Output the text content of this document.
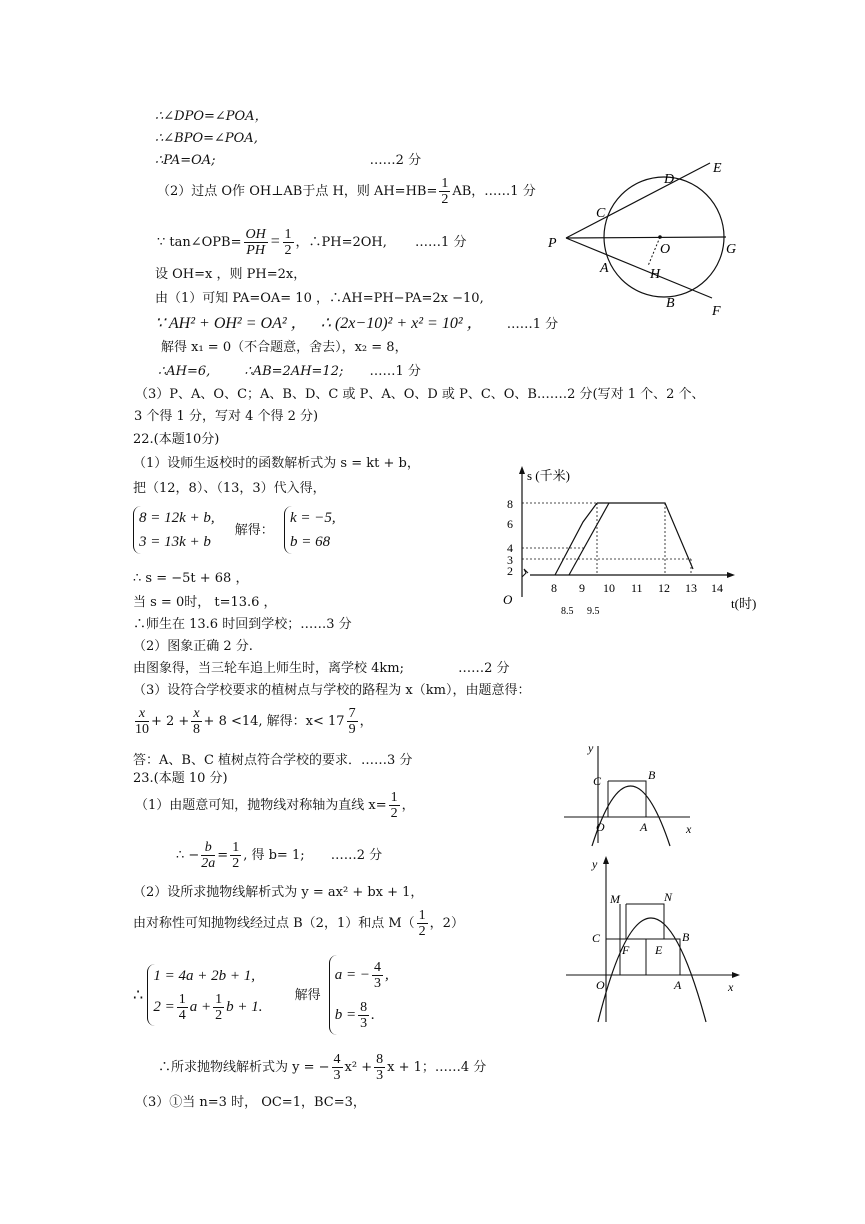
∴∠DPO=∠POA，
∴∠BPO=∠POA,
∴PA=OA;	……2 分
（2）过点 O作 OH⊥AB于点 H，则 $AH=HB= \frac{1}{2}$ AB，……1 分
∵ tan∠OPB= $\frac{OH}{PH} = \frac{1}{2}$ ，∴PH=2OH, ……1 分
设 OH=x ，则 PH=2x，
由（1）可知 PA=OA= 10 ，∴AH=PH−PA=2x −10,
∵ AH² + OH² = OA² ， ∴ (2x−10)² + x² = 10² ， ……1 分
解得 x₁ = 0（不合题意，舍去），x₂ = 8，
∴AH=6,	∴AB=2AH=12; ……1 分
（3）P、A、O、C；A、B、D、C 或 P、A、O、D 或 P、C、O、B.……2 分(写对 1 个、2 个、
3 个得 1 分，写对 4 个得 2 分)
E
D
C
P	O	G
A	H
B
F
22.(本题10分)
（1）设师生返校时的函数解析式为 s = kt + b，
把（12，8）、（13，3）代入得，
8 = 12k + b,
3 = 13k + b
解得：
k = −5,
b = 68
∴ s = −5t + 68 ，
当 s = 0时， t=13.6 ，
∴师生在 13.6 时回到学校；……3 分
（2）图象正确 2 分.
由图象得，当三轮车追上师生时，离学校 4km;	……2 分
（3）设符合学校要求的植树点与学校的路程为 x（km），由题意得：
$\frac{x}{10} + 2 + \frac{x}{8} + 8 <14$, 解得：$x< 17 \frac{7}{9}$ ，
答：A、B、C 植树点符合学校的要求．……3 分
s (千米)
t(时)
O
8
6
4
3
2
8 9 10 11 12 13 14
8.5 9.5
23.(本题 10 分)
（1）由题意可知，抛物线对称轴为直线 $x= \frac{1}{2}$ ，
∴ − $\frac{b}{2a} = \frac{1}{2}$ , 得 b= 1; ……2 分
（2）设所求抛物线解析式为 y = ax² + bx + 1，
由对称性可知抛物线经过点 B（2，1）和点 $M( \frac{1}{2}$ ，2）
∴
1 = 4a + 2b + 1,
$2 = \frac{1}{4}$ $a + \frac{1}{2}$ b + 1.
解得
a = − $\frac{4}{3}$ ,
$b = \frac{8}{3}$ .
∴所求抛物线解析式为 y = − $\frac{4}{3} x^2 + \frac{8}{3}$ x + 1；……4 分
（3）①当 n=3 时， OC=1，BC=3，
y
C	B
O	A	x
y
M	N
C
F E
B
O	A	x
